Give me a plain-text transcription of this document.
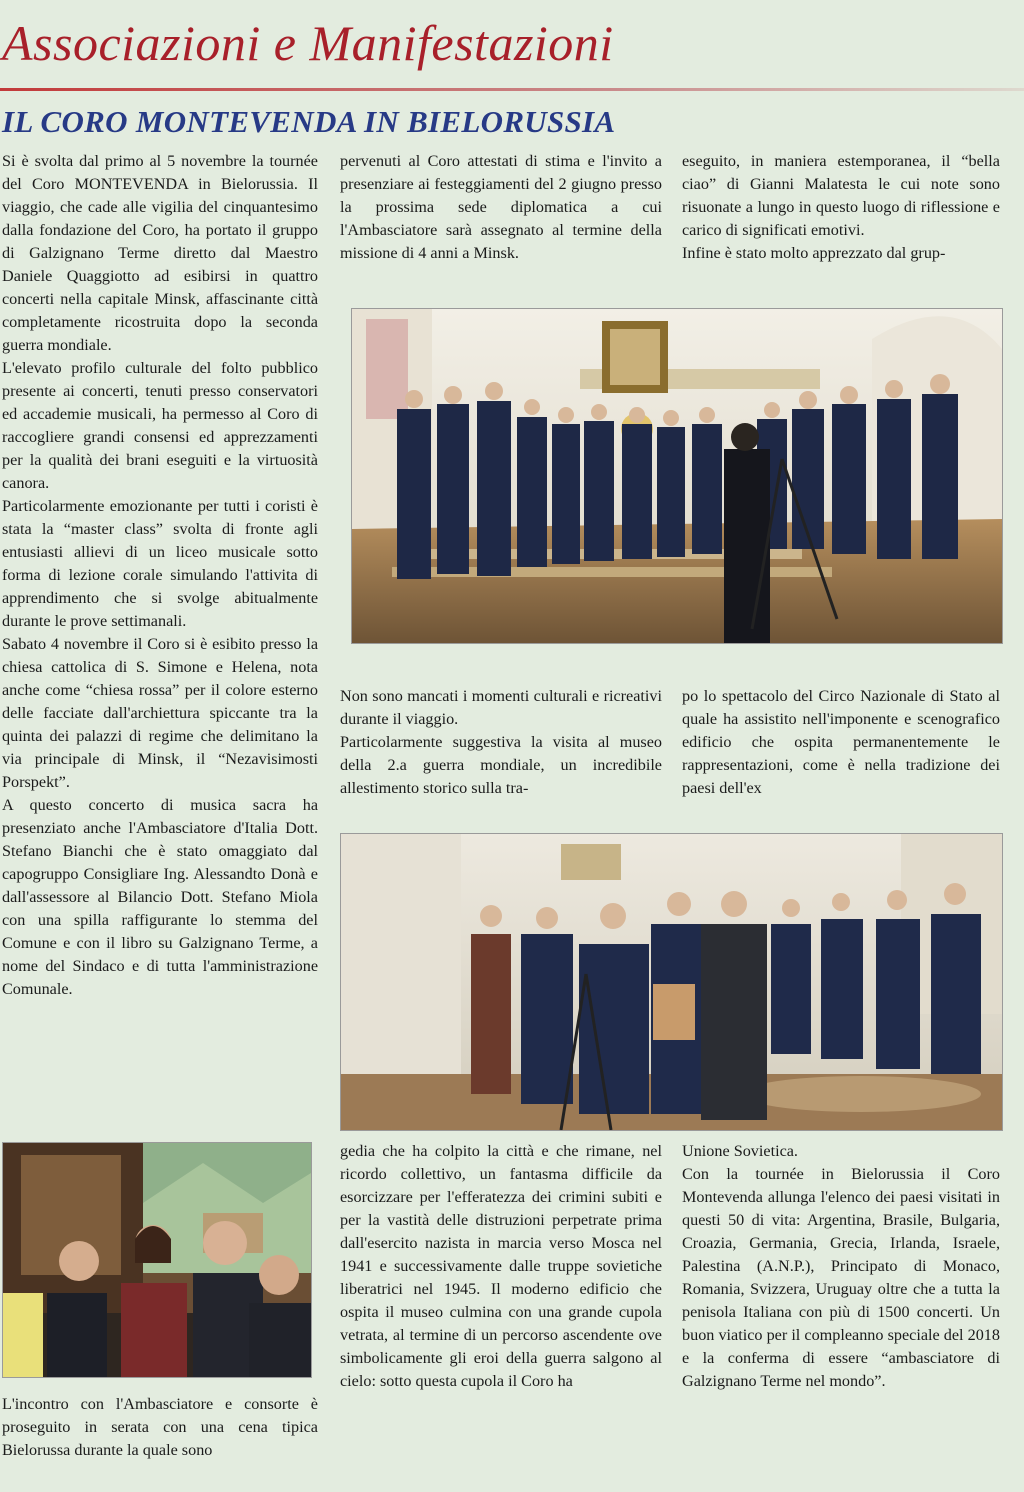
Associazioni e Manifestazioni
IL CORO MONTEVENDA IN BIELORUSSIA

Si è svolta dal primo al 5 novembre la tournée del Coro MONTEVENDA in Bielorussia. Il viaggio, che cade alle vigilia del cinquantesimo dalla fondazione del Coro, ha portato il gruppo di Galzignano Terme diretto dal Maestro Daniele Quaggiotto ad esibirsi in quattro concerti nella capitale Minsk, affascinante città completamente ricostruita dopo la seconda guerra mondiale.

L'elevato profilo culturale del folto pubblico presente ai concerti, tenuti presso conservatori ed accademie musicali, ha permesso al Coro di raccogliere grandi consensi ed apprezzamenti per la qualità dei brani eseguiti e la virtuosità canora.

Particolarmente emozionante per tutti i coristi è stata la “master class” svolta di fronte agli entusiasti allievi di un liceo musicale sotto forma di lezione corale simulando l'attivita di apprendimento che si svolge abitualmente durante le prove settimanali.

Sabato 4 novembre il Coro si è esibito presso la chiesa cattolica di S. Simone e Helena, nota anche come “chiesa rossa” per il colore esterno delle facciate dall'archiettura spiccante tra la quinta dei palazzi di regime che delimitano la via principale di Minsk, il “Nezavisimosti Porspekt”.

A questo concerto di musica sacra ha presenziato anche l'Ambasciatore d'Italia Dott. Stefano Bianchi che è stato omaggiato dal capogruppo Consigliare Ing. Alessandto Donà e dall'assessore al Bilancio Dott. Stefano Miola con una spilla raffigurante lo stemma del Comune e con il libro su Galzignano Terme, a nome del Sindaco e di tutta l'amministrazione Comunale.

L'incontro con l'Ambasciatore e consorte è proseguito in serata con una cena tipica Bielorussa durante la quale sono

pervenuti al Coro attestati di stima e l'invito a presenziare ai festeggiamenti del 2 giugno presso la prossima sede diplomatica a cui l'Ambasciatore sarà assegnato al termine della missione di 4 anni a Minsk.

Non sono mancati i momenti culturali e ricreativi durante il viaggio.

Particolarmente suggestiva la visita al museo della 2.a guerra mondiale, un incredibile allestimento storico sulla tra-

gedia che ha colpito la città e che rimane, nel ricordo collettivo, un fantasma difficile da esorcizzare per l'efferatezza dei crimini subiti e per la vastità delle distruzioni perpetrate prima dall'esercito nazista in marcia verso Mosca nel 1941 e successivamente dalle truppe sovietiche liberatrici nel 1945. Il moderno edificio che ospita il museo culmina con una grande cupola vetrata, al termine di un percorso ascendente ove simbolicamente gli eroi della guerra salgono al cielo: sotto questa cupola il Coro ha

eseguito, in maniera estemporanea, il “bella ciao” di Gianni Malatesta le cui note sono risuonate a lungo in questo luogo di riflessione e carico di significati emotivi.

Infine è stato molto apprezzato dal grup-

po lo spettacolo del Circo Nazionale di Stato al quale ha assistito nell'imponente e scenografico edificio che ospita permanentemente le rappresentazioni, come è nella tradizione dei paesi dell'ex

Unione Sovietica.

Con la tournée in Bielorussia il Coro Montevenda allunga l'elenco dei paesi visitati in questi 50 di vita: Argentina, Brasile, Bulgaria, Croazia, Germania, Grecia, Irlanda, Israele, Palestina (A.N.P.), Principato di Monaco, Romania, Svizzera, Uruguay oltre che a tutta la penisola Italiana con più di 1500 concerti. Un buon viatico per il compleanno speciale del 2018 e la conferma di essere “ambasciatore di Galzignano Terme nel mondo”.
